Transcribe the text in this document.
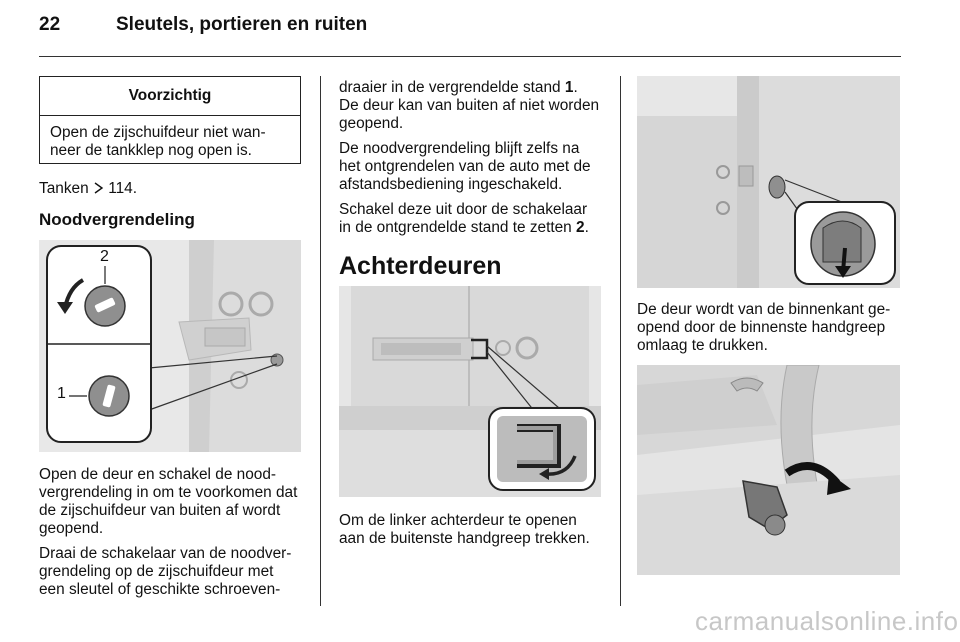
22	Sleutels, portieren en ruiten
Voorzichtig
Open de zijschuifdeur niet wan-
neer de tankklep nog open is.
Tanken 114.
Noodvergrendeling
2
1

Open de deur en schakel de nood-
vergrendeling in om te voorkomen dat
de zijschuifdeur van buiten af wordt
geopend.

Draai de schakelaar van de noodver-
grendeling op de zijschuifdeur met
een sleutel of geschikte schroeven-

draaier in de vergrendelde stand 1.
De deur kan van buiten af niet worden
geopend.

De noodvergrendeling blijft zelfs na
het ontgrendelen van de auto met de
afstandsbediening ingeschakeld.

Schakel deze uit door de schakelaar
in de ontgrendelde stand te zetten 2.

Achterdeuren

Om de linker achterdeur te openen
aan de buitenste handgreep trekken.

De deur wordt van de binnenkant ge-
opend door de binnenste handgreep
omlaag te drukken.

carmanualsonline.info
